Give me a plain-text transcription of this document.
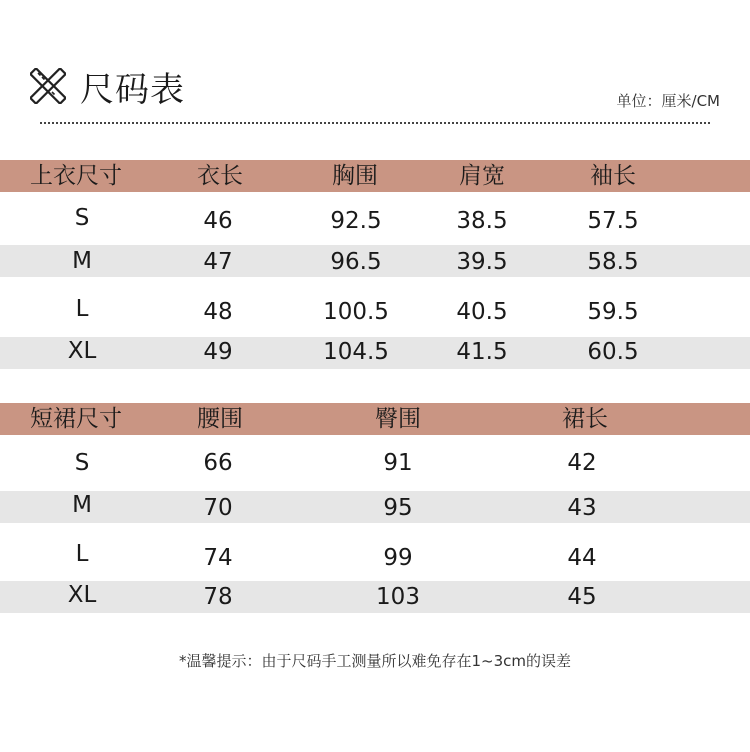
尺码表	单位：厘米/CM
上衣尺寸	衣长	胸围	肩宽	袖长
S	46	92.5	38.5	57.5
M	47	96.5	39.5	58.5
L	48	100.5	40.5	59.5
XL	49	104.5	41.5	60.5
短裙尺寸	腰围	臀围	裙长
S	66	91	42
M	70	95	43
L	74	99	44
XL	78	103	45
*温馨提示：由于尺码手工测量所以难免存在1~3cm的误差
